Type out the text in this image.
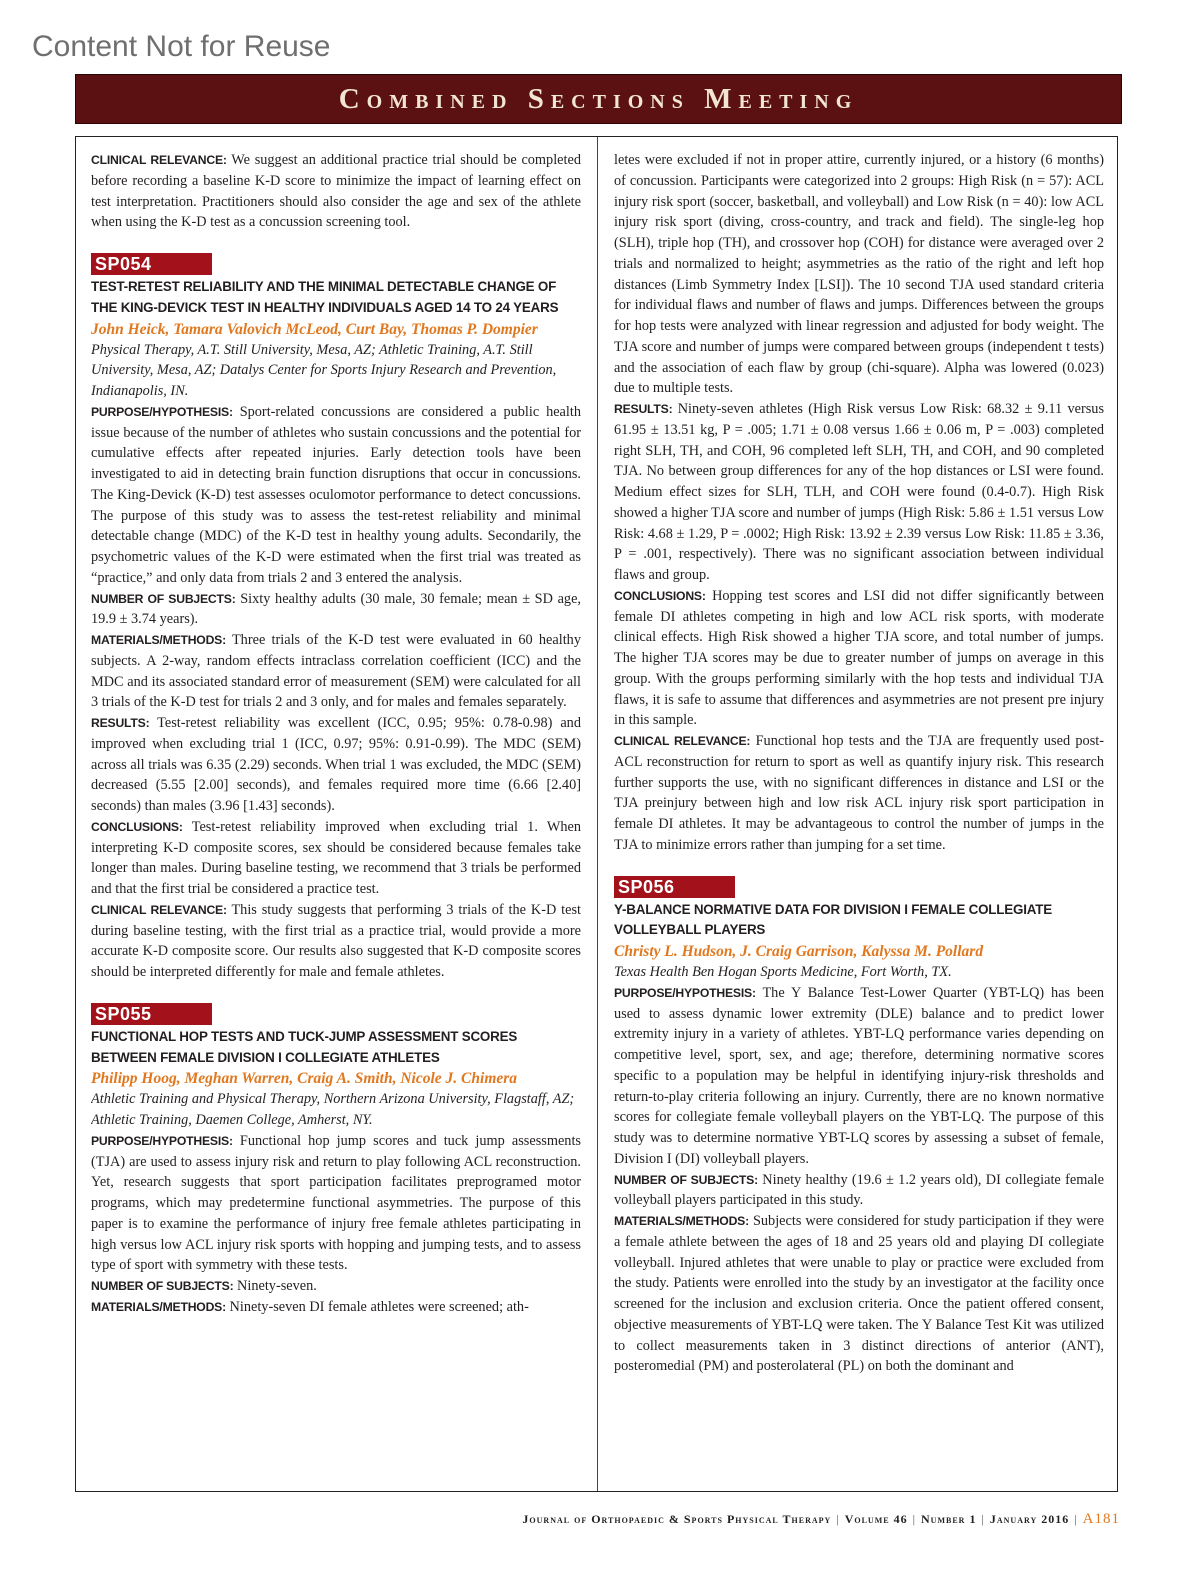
Content Not for Reuse
Combined Sections Meeting

CLINICAL RELEVANCE: We suggest an additional practice trial should be completed before recording a baseline K-D score to minimize the impact of learning effect on test interpretation. Practitioners should also consider the age and sex of the athlete when using the K-D test as a concussion screening tool.

SP054
TEST-RETEST RELIABILITY AND THE MINIMAL DETECTABLE CHANGE OF THE KING-DEVICK TEST IN HEALTHY INDIVIDUALS AGED 14 TO 24 YEARS
John Heick, Tamara Valovich McLeod, Curt Bay, Thomas P. Dompier
Physical Therapy, A.T. Still University, Mesa, AZ; Athletic Training, A.T. Still University, Mesa, AZ; Datalys Center for Sports Injury Research and Prevention, Indianapolis, IN.

PURPOSE/HYPOTHESIS: Sport-related concussions are considered a public health issue because of the number of athletes who sustain concussions and the potential for cumulative effects after repeated injuries. Early detection tools have been investigated to aid in detecting brain function disruptions that occur in concussions. The King-Devick (K-D) test assesses oculomotor performance to detect concussions. The purpose of this study was to assess the test-retest reliability and minimal detectable change (MDC) of the K-D test in healthy young adults. Secondarily, the psychometric values of the K-D were estimated when the first trial was treated as “practice,” and only data from trials 2 and 3 entered the analysis.

NUMBER OF SUBJECTS: Sixty healthy adults (30 male, 30 female; mean ± SD age, 19.9 ± 3.74 years).

MATERIALS/METHODS: Three trials of the K-D test were evaluated in 60 healthy subjects. A 2-way, random effects intraclass correlation coefficient (ICC) and the MDC and its associated standard error of measurement (SEM) were calculated for all 3 trials of the K-D test for trials 2 and 3 only, and for males and females separately.

RESULTS: Test-retest reliability was excellent (ICC, 0.95; 95%: 0.78-0.98) and improved when excluding trial 1 (ICC, 0.97; 95%: 0.91-0.99). The MDC (SEM) across all trials was 6.35 (2.29) seconds. When trial 1 was excluded, the MDC (SEM) decreased (5.55 [2.00] seconds), and females required more time (6.66 [2.40] seconds) than males (3.96 [1.43] seconds).

CONCLUSIONS: Test-retest reliability improved when excluding trial 1. When interpreting K-D composite scores, sex should be considered because females take longer than males. During baseline testing, we recommend that 3 trials be performed and that the first trial be considered a practice test.

CLINICAL RELEVANCE: This study suggests that performing 3 trials of the K-D test during baseline testing, with the first trial as a practice trial, would provide a more accurate K-D composite score. Our results also suggested that K-D composite scores should be interpreted differently for male and female athletes.

SP055
FUNCTIONAL HOP TESTS AND TUCK-JUMP ASSESSMENT SCORES BETWEEN FEMALE DIVISION I COLLEGIATE ATHLETES
Philipp Hoog, Meghan Warren, Craig A. Smith, Nicole J. Chimera
Athletic Training and Physical Therapy, Northern Arizona University, Flagstaff, AZ; Athletic Training, Daemen College, Amherst, NY.

PURPOSE/HYPOTHESIS: Functional hop jump scores and tuck jump assessments (TJA) are used to assess injury risk and return to play following ACL reconstruction. Yet, research suggests that sport participation facilitates preprogramed motor programs, which may predetermine functional asymmetries. The purpose of this paper is to examine the performance of injury free female athletes participating in high versus low ACL injury risk sports with hopping and jumping tests, and to assess type of sport with symmetry with these tests.

NUMBER OF SUBJECTS: Ninety-seven.

MATERIALS/METHODS: Ninety-seven DI female athletes were screened; ath-

letes were excluded if not in proper attire, currently injured, or a history (6 months) of concussion. Participants were categorized into 2 groups: High Risk (n = 57): ACL injury risk sport (soccer, basketball, and volleyball) and Low Risk (n = 40): low ACL injury risk sport (diving, cross-country, and track and field). The single-leg hop (SLH), triple hop (TH), and crossover hop (COH) for distance were averaged over 2 trials and normalized to height; asymmetries as the ratio of the right and left hop distances (Limb Symmetry Index [LSI]). The 10 second TJA used standard criteria for individual flaws and number of flaws and jumps. Differences between the groups for hop tests were analyzed with linear regression and adjusted for body weight. The TJA score and number of jumps were compared between groups (independent t tests) and the association of each flaw by group (chi-square). Alpha was lowered (0.023) due to multiple tests.

RESULTS: Ninety-seven athletes (High Risk versus Low Risk: 68.32 ± 9.11 versus 61.95 ± 13.51 kg, P = .005; 1.71 ± 0.08 versus 1.66 ± 0.06 m, P = .003) completed right SLH, TH, and COH, 96 completed left SLH, TH, and COH, and 90 completed TJA. No between group differences for any of the hop distances or LSI were found. Medium effect sizes for SLH, TLH, and COH were found (0.4-0.7). High Risk showed a higher TJA score and number of jumps (High Risk: 5.86 ± 1.51 versus Low Risk: 4.68 ± 1.29, P = .0002; High Risk: 13.92 ± 2.39 versus Low Risk: 11.85 ± 3.36, P = .001, respectively). There was no significant association between individual flaws and group.

CONCLUSIONS: Hopping test scores and LSI did not differ significantly between female DI athletes competing in high and low ACL risk sports, with moderate clinical effects. High Risk showed a higher TJA score, and total number of jumps. The higher TJA scores may be due to greater number of jumps on average in this group. With the groups performing similarly with the hop tests and individual TJA flaws, it is safe to assume that differences and asymmetries are not present pre injury in this sample.

CLINICAL RELEVANCE: Functional hop tests and the TJA are frequently used post-ACL reconstruction for return to sport as well as quantify injury risk. This research further supports the use, with no significant differences in distance and LSI or the TJA preinjury between high and low risk ACL injury risk sport participation in female DI athletes. It may be advantageous to control the number of jumps in the TJA to minimize errors rather than jumping for a set time.

SP056
Y-BALANCE NORMATIVE DATA FOR DIVISION I FEMALE COLLEGIATE VOLLEYBALL PLAYERS
Christy L. Hudson, J. Craig Garrison, Kalyssa M. Pollard
Texas Health Ben Hogan Sports Medicine, Fort Worth, TX.

PURPOSE/HYPOTHESIS: The Y Balance Test-Lower Quarter (YBT-LQ) has been used to assess dynamic lower extremity (DLE) balance and to predict lower extremity injury in a variety of athletes. YBT-LQ performance varies depending on competitive level, sport, sex, and age; therefore, determining normative scores specific to a population may be helpful in identifying injury-risk thresholds and return-to-play criteria following an injury. Currently, there are no known normative scores for collegiate female volleyball players on the YBT-LQ. The purpose of this study was to determine normative YBT-LQ scores by assessing a subset of female, Division I (DI) volleyball players.

NUMBER OF SUBJECTS: Ninety healthy (19.6 ± 1.2 years old), DI collegiate female volleyball players participated in this study.

MATERIALS/METHODS: Subjects were considered for study participation if they were a female athlete between the ages of 18 and 25 years old and playing DI collegiate volleyball. Injured athletes that were unable to play or practice were excluded from the study. Patients were enrolled into the study by an investigator at the facility once screened for the inclusion and exclusion criteria. Once the patient offered consent, objective measurements of YBT-LQ were taken. The Y Balance Test Kit was utilized to collect measurements taken in 3 distinct directions of anterior (ANT), posteromedial (PM) and posterolateral (PL) on both the dominant and

Journal of Orthopaedic & Sports Physical Therapy | Volume 46 | Number 1 | January 2016 | A181
